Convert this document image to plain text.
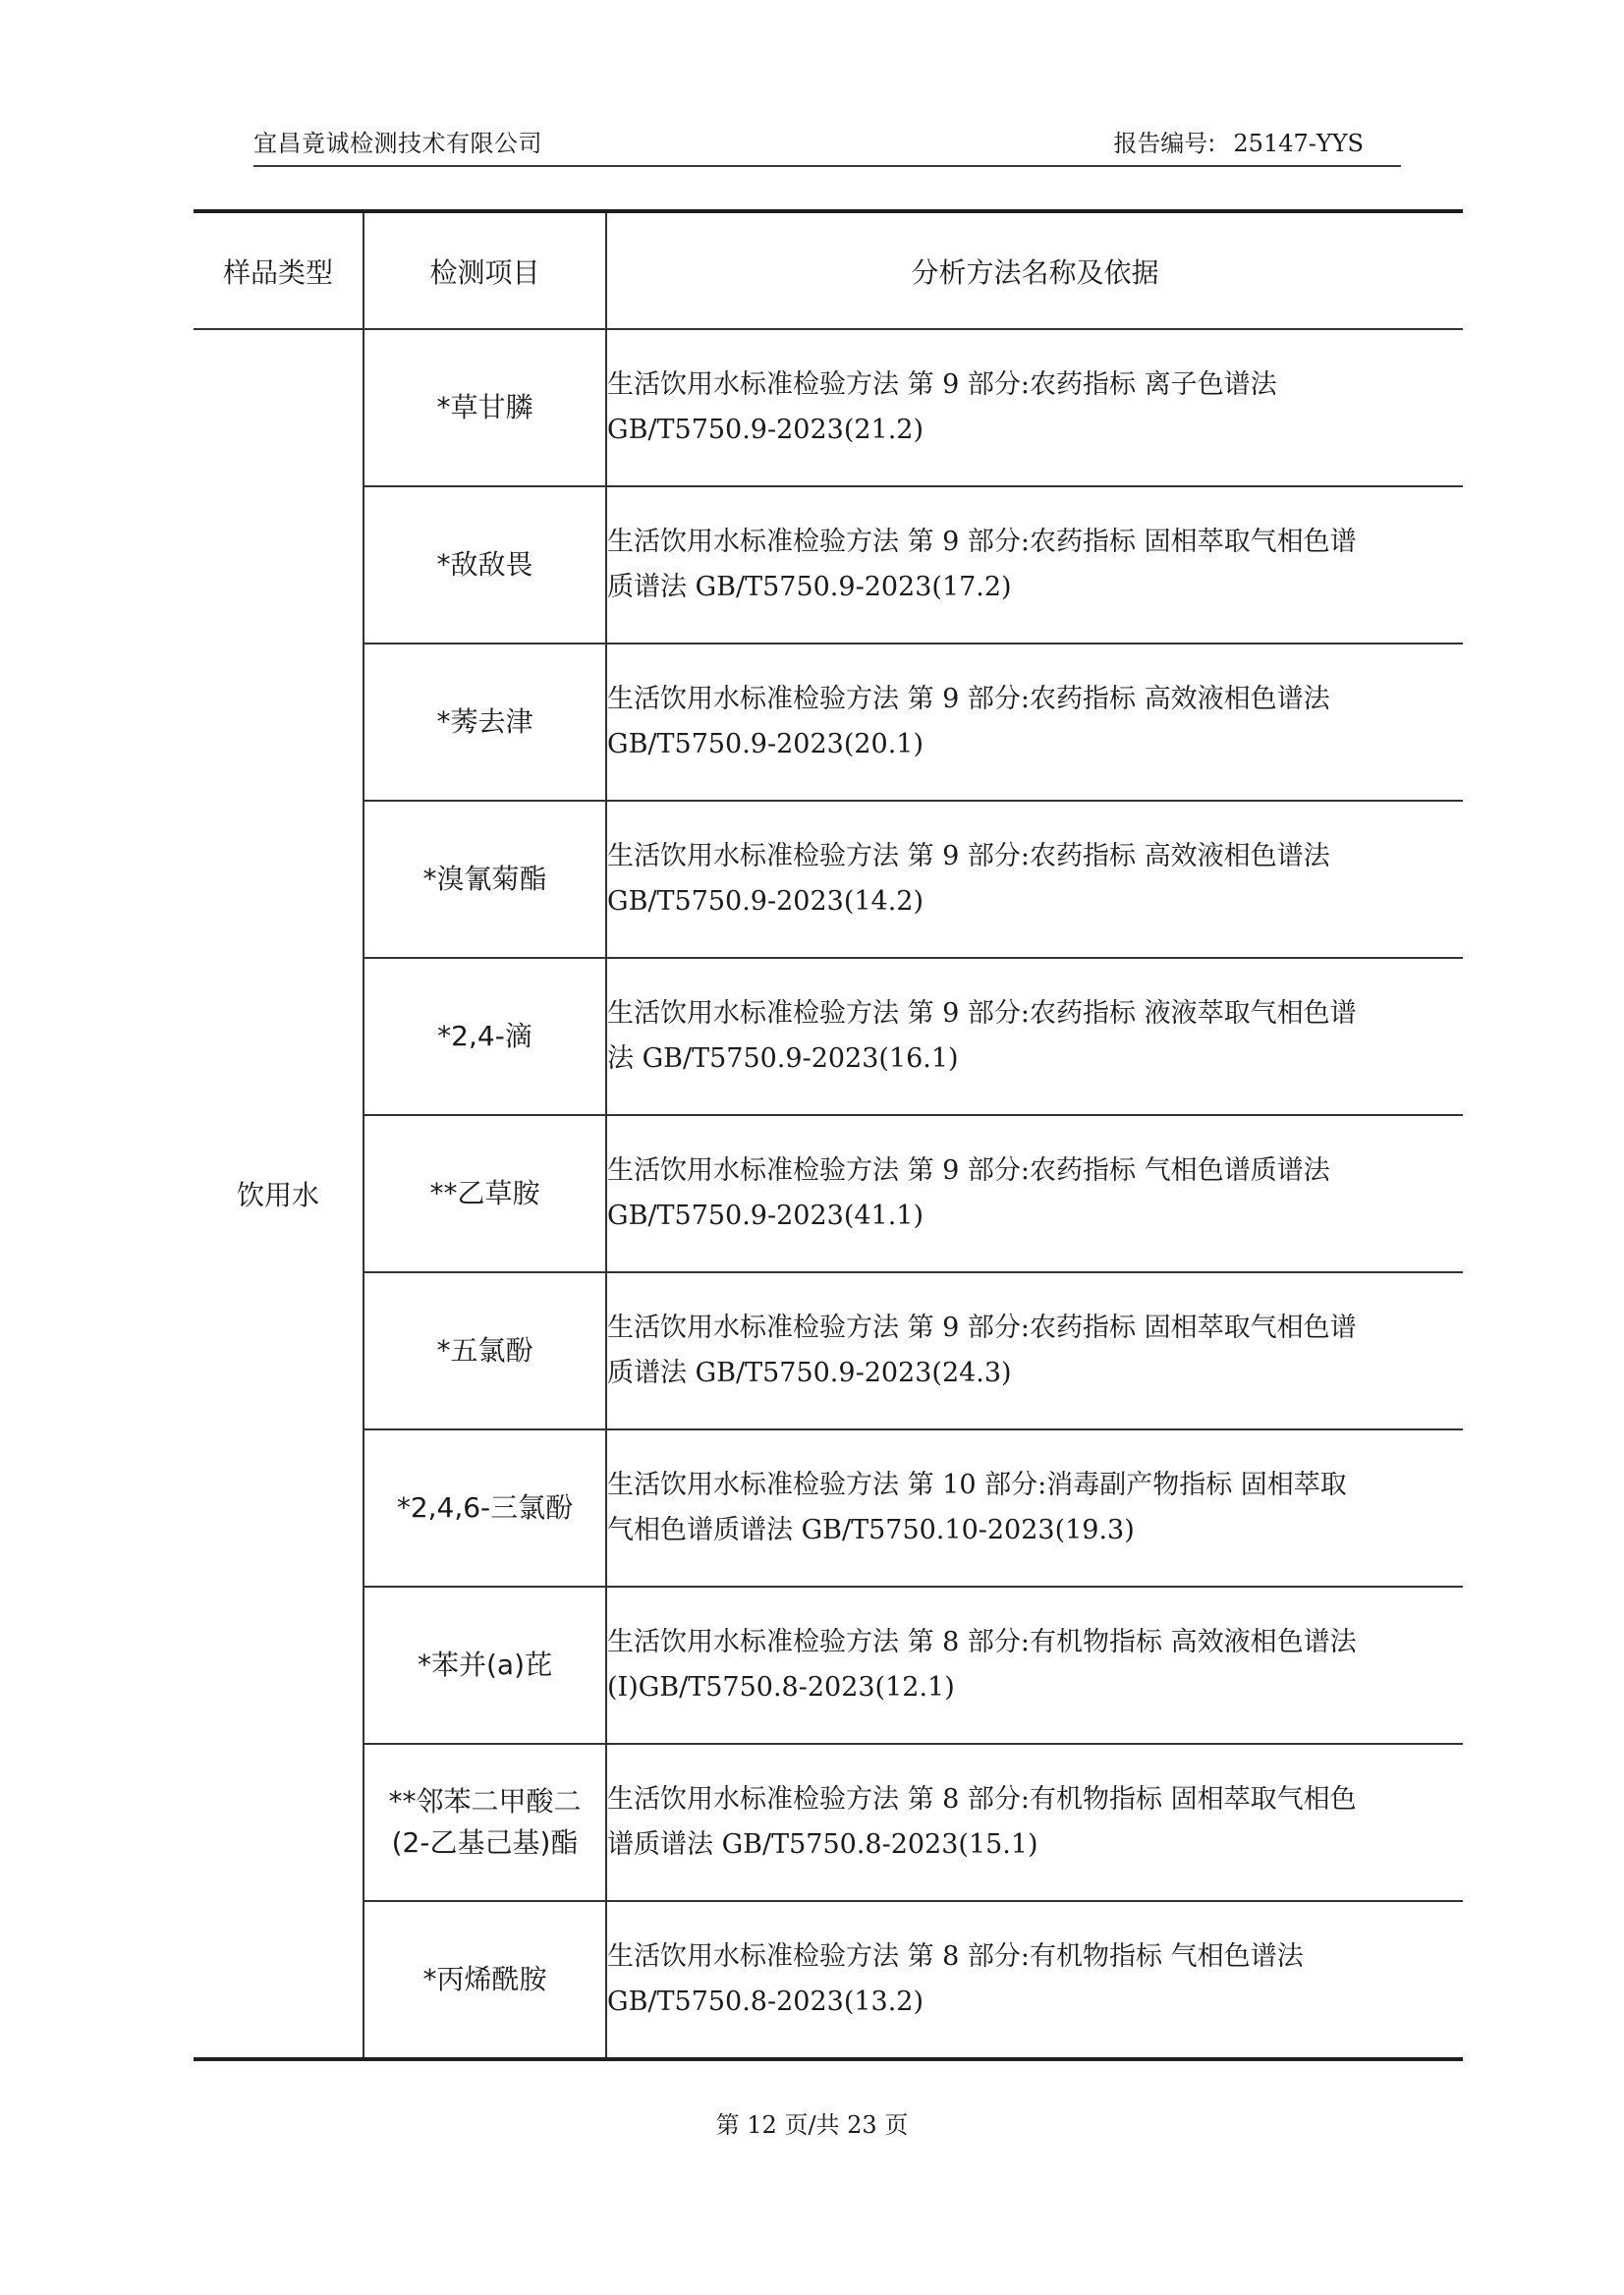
宜昌竟诚检测技术有限公司	报告编号: 25147-YYS
样品类型	检测项目	分析方法名称及依据
饮用水	*草甘膦	生活饮用水标准检验方法 第 9 部分:农药指标 离子色谱法
GB/T5750.9-2023(21.2)

	*敌敌畏	生活饮用水标准检验方法 第 9 部分:农药指标 固相萃取气相色谱
质谱法 GB/T5750.9-2023(17.2)

	*莠去津	生活饮用水标准检验方法 第 9 部分:农药指标 高效液相色谱法
GB/T5750.9-2023(20.1)

	*溴氰菊酯	生活饮用水标准检验方法 第 9 部分:农药指标 高效液相色谱法
GB/T5750.9-2023(14.2)

	*2,4-滴	生活饮用水标准检验方法 第 9 部分:农药指标 液液萃取气相色谱
法 GB/T5750.9-2023(16.1)

	**乙草胺	生活饮用水标准检验方法 第 9 部分:农药指标 气相色谱质谱法
GB/T5750.9-2023(41.1)

	*五氯酚	生活饮用水标准检验方法 第 9 部分:农药指标 固相萃取气相色谱
质谱法 GB/T5750.9-2023(24.3)

	*2,4,6-三氯酚	生活饮用水标准检验方法 第 10 部分:消毒副产物指标 固相萃取
气相色谱质谱法 GB/T5750.10-2023(19.3)

	*苯并(a)芘	生活饮用水标准检验方法 第 8 部分:有机物指标 高效液相色谱法
(I)GB/T5750.8-2023(12.1)

	**邻苯二甲酸二
(2-乙基己基)酯	生活饮用水标准检验方法 第 8 部分:有机物指标 固相萃取气相色
谱质谱法 GB/T5750.8-2023(15.1)

	*丙烯酰胺	生活饮用水标准检验方法 第 8 部分:有机物指标 气相色谱法
GB/T5750.8-2023(13.2)
第 12 页/共 23 页
